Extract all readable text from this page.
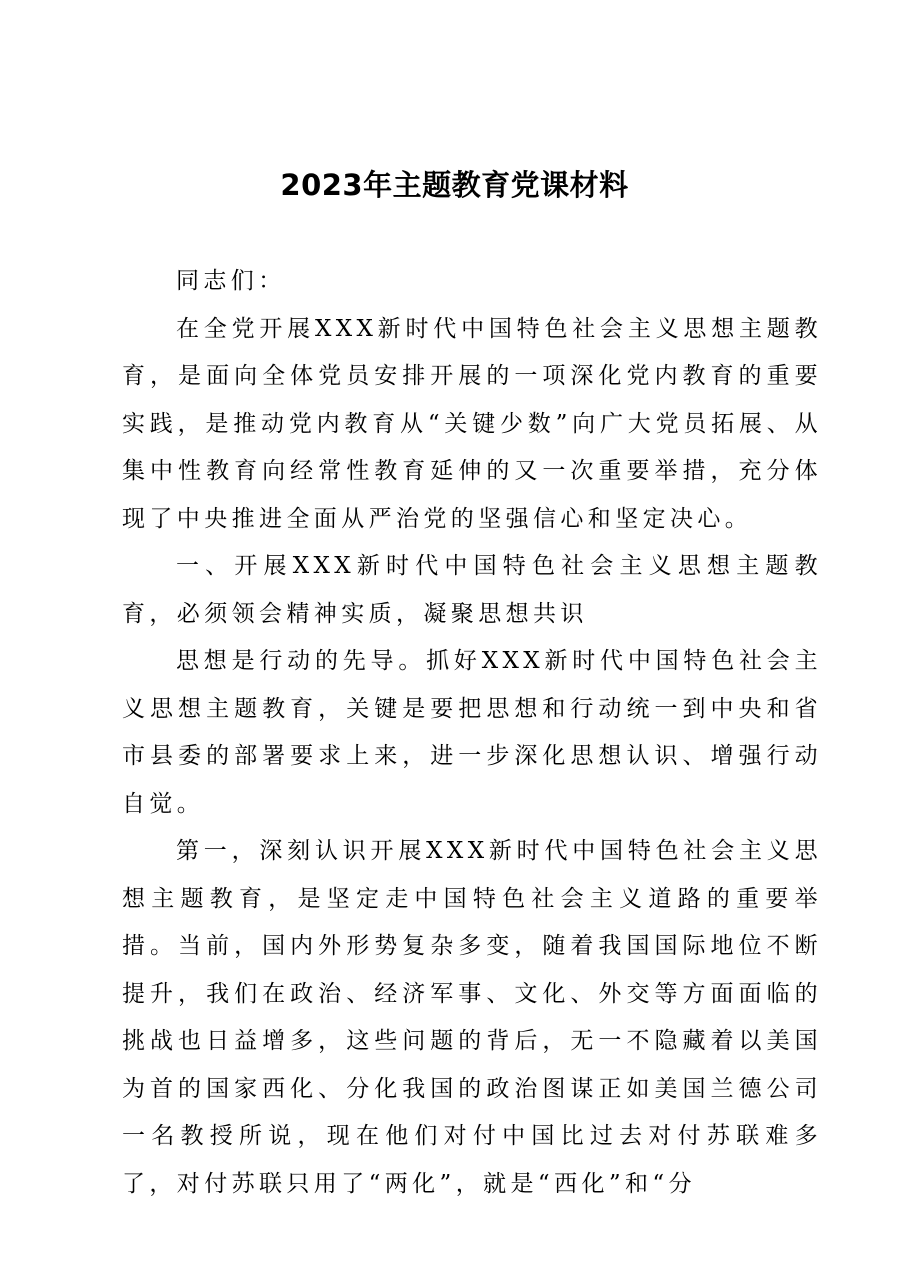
2023年主题教育党课材料

同志们：

在全党开展XXX新时代中国特色社会主义思想主题教育，是面向全体党员安排开展的一项深化党内教育的重要实践，是推动党内教育从“关键少数”向广大党员拓展、从集中性教育向经常性教育延伸的又一次重要举措，充分体现了中央推进全面从严治党的坚强信心和坚定决心。

一、开展XXX新时代中国特色社会主义思想主题教育，必须领会精神实质，凝聚思想共识

思想是行动的先导。抓好XXX新时代中国特色社会主义思想主题教育，关键是要把思想和行动统一到中央和省市县委的部署要求上来，进一步深化思想认识、增强行动自觉。

第一，深刻认识开展XXX新时代中国特色社会主义思想主题教育，是坚定走中国特色社会主义道路的重要举措。当前，国内外形势复杂多变，随着我国国际地位不断提升，我们在政治、经济军事、文化、外交等方面面临的挑战也日益增多，这些问题的背后，无一不隐藏着以美国为首的国家西化、分化我国的政治图谋正如美国兰德公司一名教授所说，现在他们对付中国比过去对付苏联难多了，对付苏联只用了“两化”，就是“西化”和“分
